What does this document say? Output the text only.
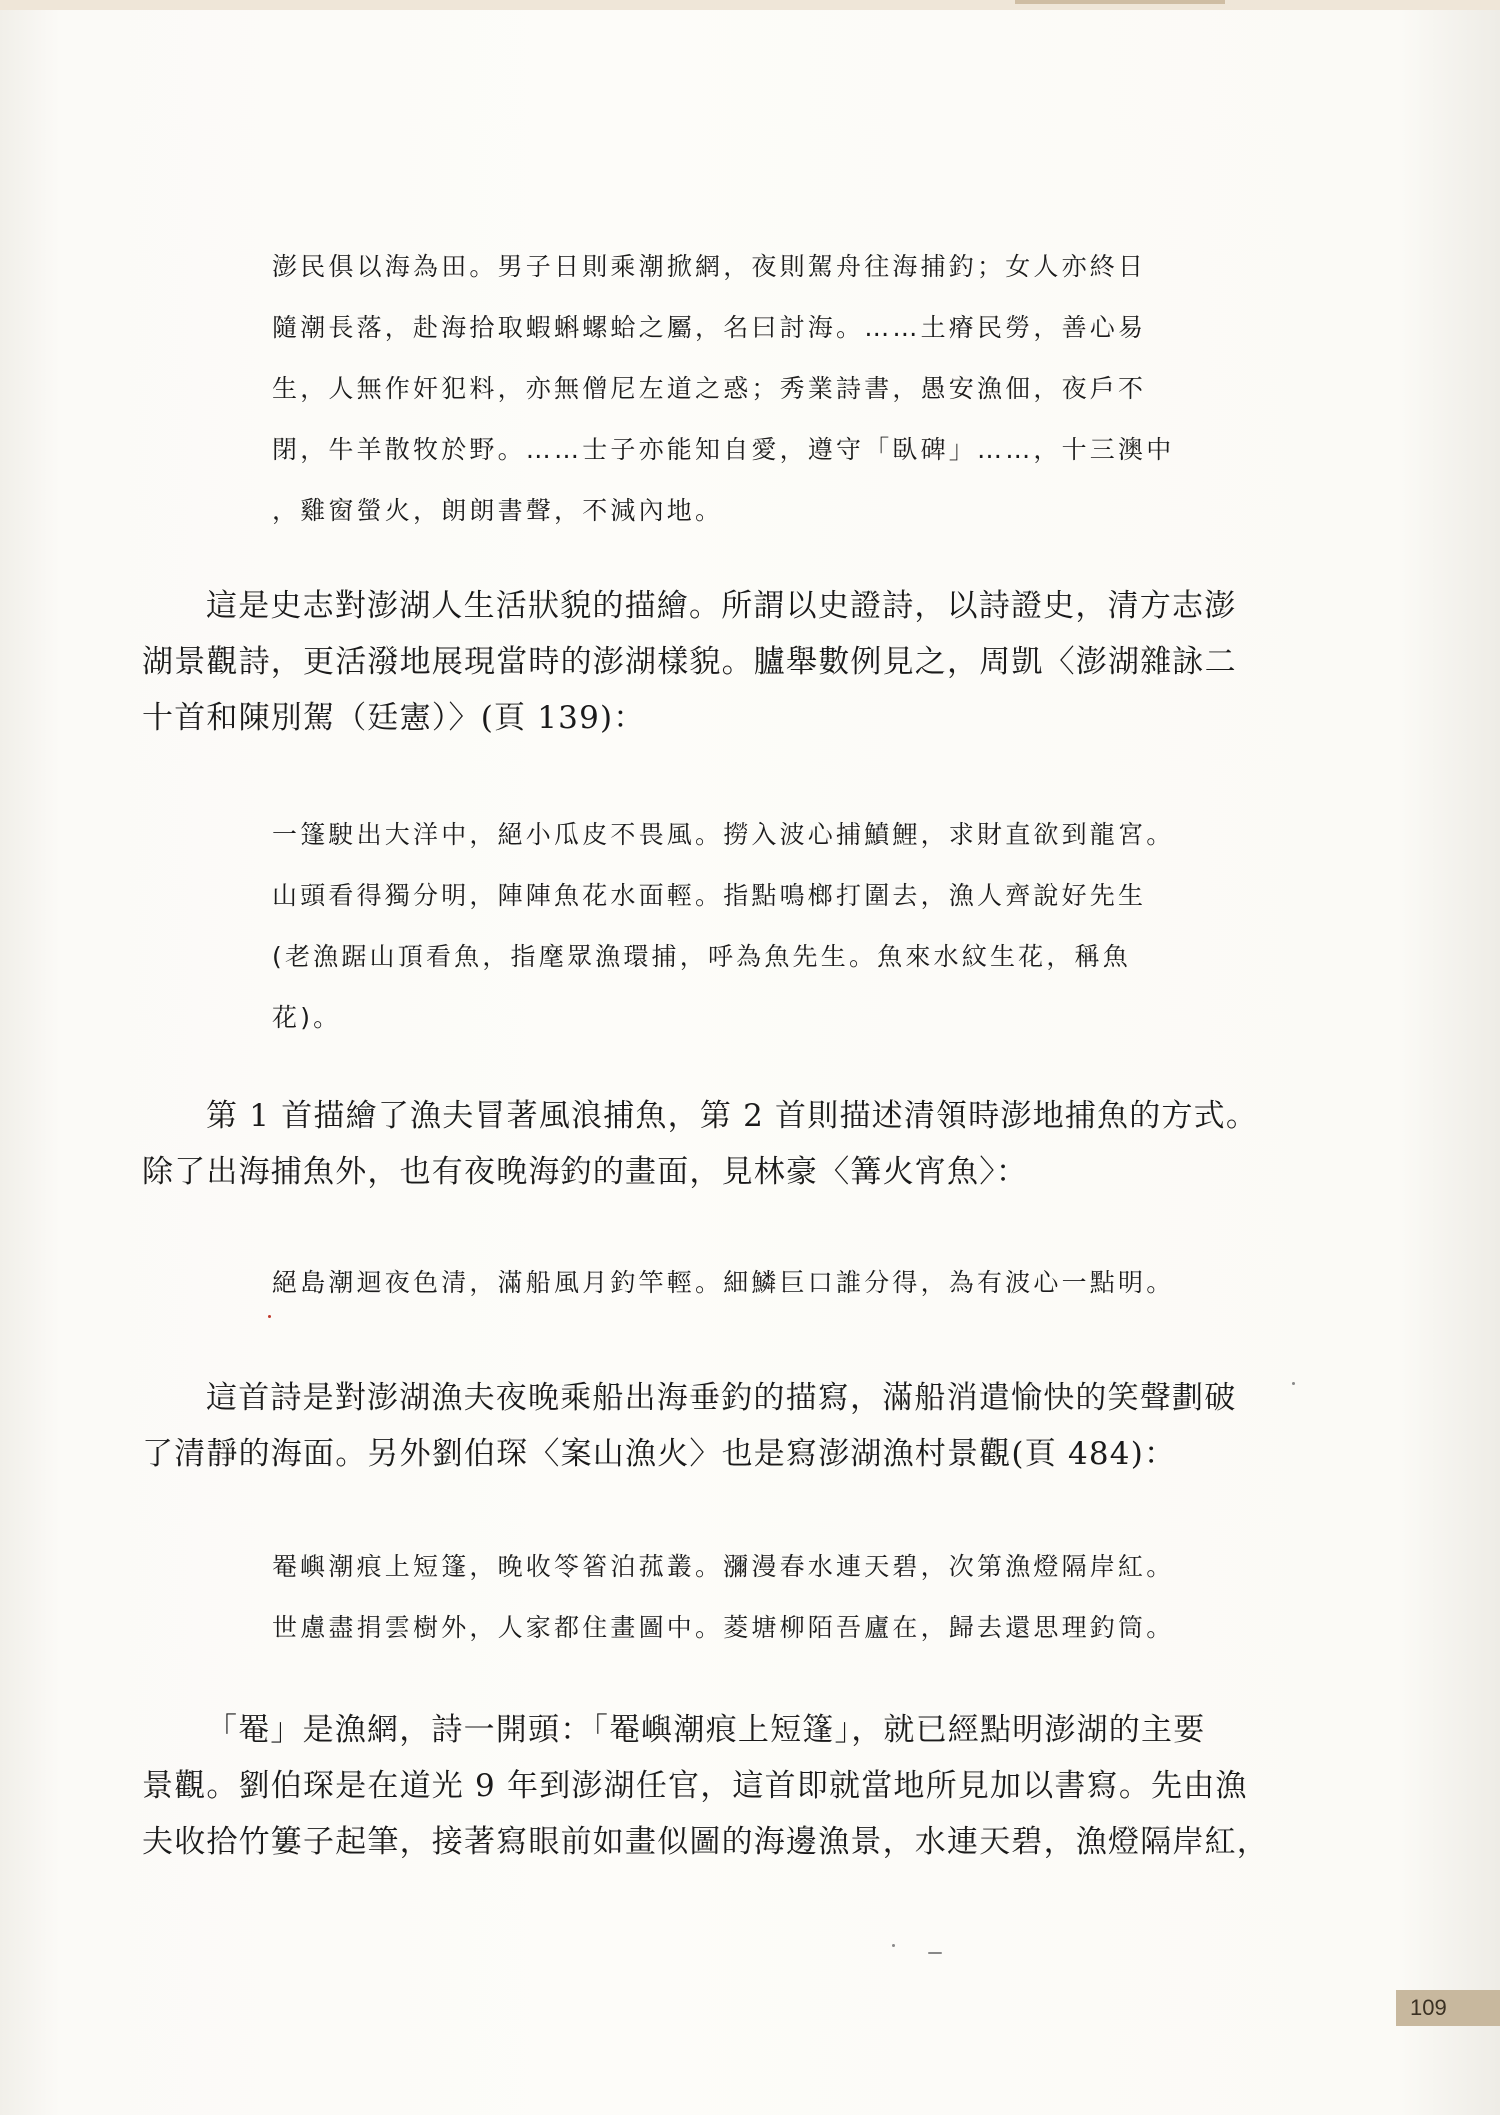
澎民俱以海為田。男子日則乘潮掀網，夜則駕舟往海捕釣；女人亦終日

隨潮長落，赴海拾取蝦蝌螺蛤之屬，名曰討海。……土瘠民勞，善心易

生，人無作奸犯料，亦無僧尼左道之惑；秀業詩書，愚安漁佃，夜戶不

閉，牛羊散牧於野。……士子亦能知自愛，遵守「臥碑」……，十三澳中

，雞窗螢火，朗朗書聲，不減內地。

這是史志對澎湖人生活狀貌的描繪。所謂以史證詩，以詩證史，清方志澎

湖景觀詩，更活潑地展現當時的澎湖樣貌。臚舉數例見之，周凱〈澎湖雜詠二

十首和陳別駕（廷憲）〉(頁 139)：

一篷駛出大洋中，絕小瓜皮不畏風。撈入波心捕鱝鯉，求財直欲到龍宮。

山頭看得獨分明，陣陣魚花水面輕。指點鳴榔打圍去，漁人齊說好先生

(老漁踞山頂看魚，指麾眾漁環捕，呼為魚先生。魚來水紋生花，稱魚

花)。

第 1 首描繪了漁夫冒著風浪捕魚，第 2 首則描述清領時澎地捕魚的方式。

除了出海捕魚外，也有夜晚海釣的畫面，見林豪〈篝火宵魚〉：

絕島潮迴夜色清，滿船風月釣竿輕。細鱗巨口誰分得，為有波心一點明。

這首詩是對澎湖漁夫夜晚乘船出海垂釣的描寫，滿船消遣愉快的笑聲劃破

了清靜的海面。另外劉伯琛〈案山漁火〉也是寫澎湖漁村景觀(頁 484)：

罨嶼潮痕上短篷，晚收笭箵泊菰叢。瀰漫春水連天碧，次第漁燈隔岸紅。

世慮盡捐雲樹外，人家都住畫圖中。菱塘柳陌吾廬在，歸去還思理釣筒。

「罨」是漁網，詩一開頭：「罨嶼潮痕上短篷」，就已經點明澎湖的主要

景觀。劉伯琛是在道光 9 年到澎湖任官，這首即就當地所見加以書寫。先由漁

夫收拾竹簍子起筆，接著寫眼前如畫似圖的海邊漁景，水連天碧，漁燈隔岸紅，

109
